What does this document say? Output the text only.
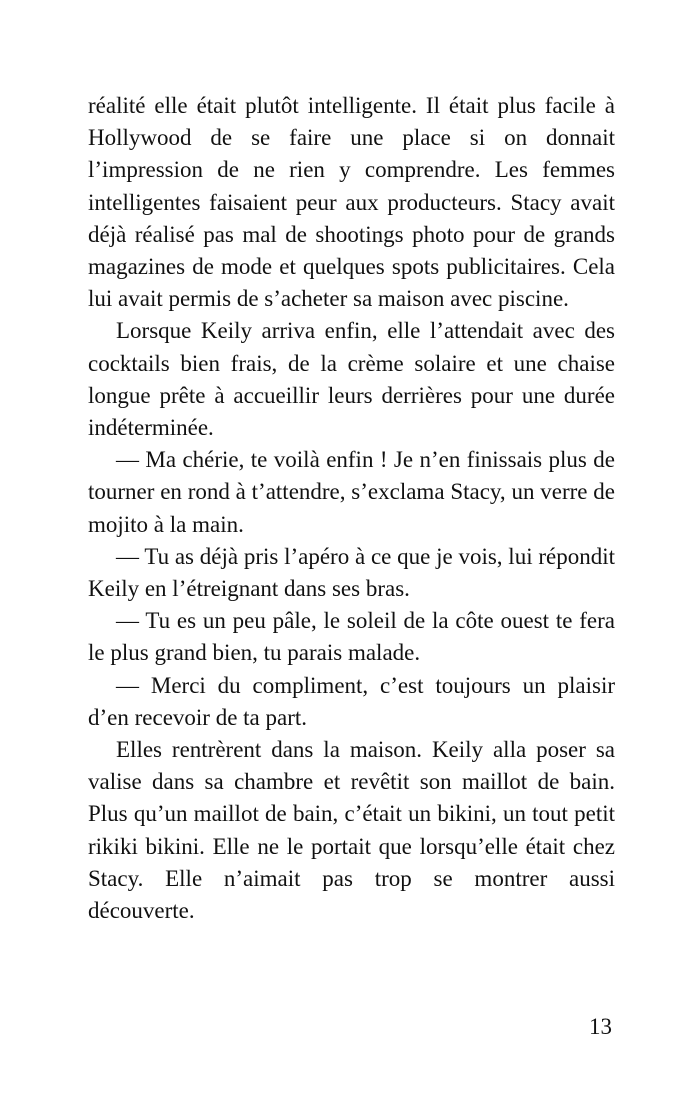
réalité elle était plutôt intelligente. Il était plus facile à Hollywood de se faire une place si on donnait l’impression de ne rien y comprendre. Les femmes intelligentes faisaient peur aux producteurs. Stacy avait déjà réalisé pas mal de shootings photo pour de grands magazines de mode et quelques spots publicitaires. Cela lui avait permis de s’acheter sa maison avec piscine.

Lorsque Keily arriva enfin, elle l’attendait avec des cocktails bien frais, de la crème solaire et une chaise longue prête à accueillir leurs derrières pour une durée indéterminée.

— Ma chérie, te voilà enfin ! Je n’en finissais plus de tourner en rond à t’attendre, s’exclama Stacy, un verre de mojito à la main.

— Tu as déjà pris l’apéro à ce que je vois, lui répondit Keily en l’étreignant dans ses bras.

— Tu es un peu pâle, le soleil de la côte ouest te fera le plus grand bien, tu parais malade.

— Merci du compliment, c’est toujours un plaisir d’en recevoir de ta part.

Elles rentrèrent dans la maison. Keily alla poser sa valise dans sa chambre et revêtit son maillot de bain. Plus qu’un maillot de bain, c’était un bikini, un tout petit rikiki bikini. Elle ne le portait que lorsqu’elle était chez Stacy. Elle n’aimait pas trop se montrer aussi découverte.

13
